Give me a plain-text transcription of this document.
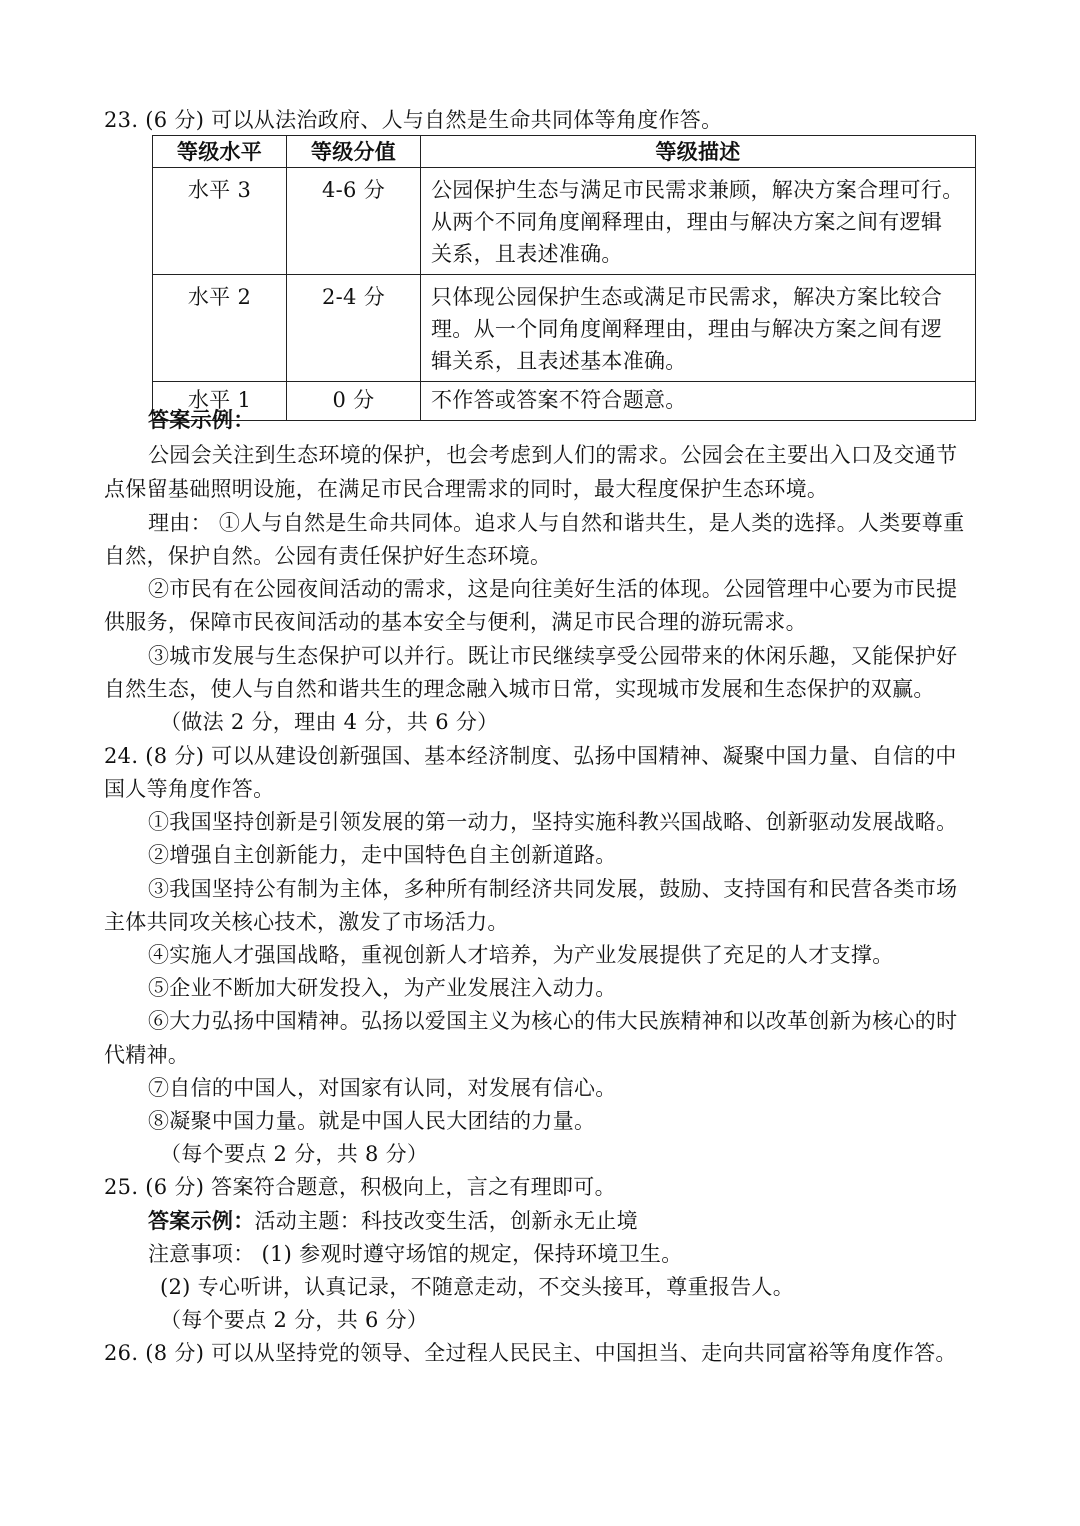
23. (6 分) 可以从法治政府、人与自然是生命共同体等角度作答。
等级水平	等级分值	等级描述
水平 3	4-6 分	公园保护生态与满足市民需求兼顾，解决方案合理可行。
从两个不同角度阐释理由，理由与解决方案之间有逻辑
关系，且表述准确。

水平 2	2-4 分	只体现公园保护生态或满足市民需求，解决方案比较合
理。从一个同角度阐释理由，理由与解决方案之间有逻
辑关系，且表述基本准确。

水平 1	0 分	不作答或答案不符合题意。
答案示例：
公园会关注到生态环境的保护，也会考虑到人们的需求。公园会在主要出入口及交通节
点保留基础照明设施，在满足市民合理需求的同时，最大程度保护生态环境。
理由： ①人与自然是生命共同体。追求人与自然和谐共生，是人类的选择。人类要尊重
自然，保护自然。公园有责任保护好生态环境。
②市民有在公园夜间活动的需求，这是向往美好生活的体现。公园管理中心要为市民提
供服务，保障市民夜间活动的基本安全与便利，满足市民合理的游玩需求。
③城市发展与生态保护可以并行。既让市民继续享受公园带来的休闲乐趣，又能保护好
自然生态，使人与自然和谐共生的理念融入城市日常，实现城市发展和生态保护的双赢。
（做法 2 分，理由 4 分，共 6 分）
24. (8 分) 可以从建设创新强国、基本经济制度、弘扬中国精神、凝聚中国力量、自信的中
国人等角度作答。
①我国坚持创新是引领发展的第一动力，坚持实施科教兴国战略、创新驱动发展战略。
②增强自主创新能力，走中国特色自主创新道路。
③我国坚持公有制为主体，多种所有制经济共同发展，鼓励、支持国有和民营各类市场
主体共同攻关核心技术，激发了市场活力。
④实施人才强国战略，重视创新人才培养，为产业发展提供了充足的人才支撑。
⑤企业不断加大研发投入，为产业发展注入动力。
⑥大力弘扬中国精神。弘扬以爱国主义为核心的伟大民族精神和以改革创新为核心的时
代精神。
⑦自信的中国人，对国家有认同，对发展有信心。
⑧凝聚中国力量。就是中国人民大团结的力量。
（每个要点 2 分，共 8 分）
25. (6 分) 答案符合题意，积极向上，言之有理即可。
答案示例：活动主题：科技改变生活，创新永无止境
注意事项： (1) 参观时遵守场馆的规定，保持环境卫生。
(2) 专心听讲，认真记录，不随意走动，不交头接耳，尊重报告人。
（每个要点 2 分，共 6 分）
26. (8 分) 可以从坚持党的领导、全过程人民民主、中国担当、走向共同富裕等角度作答。
